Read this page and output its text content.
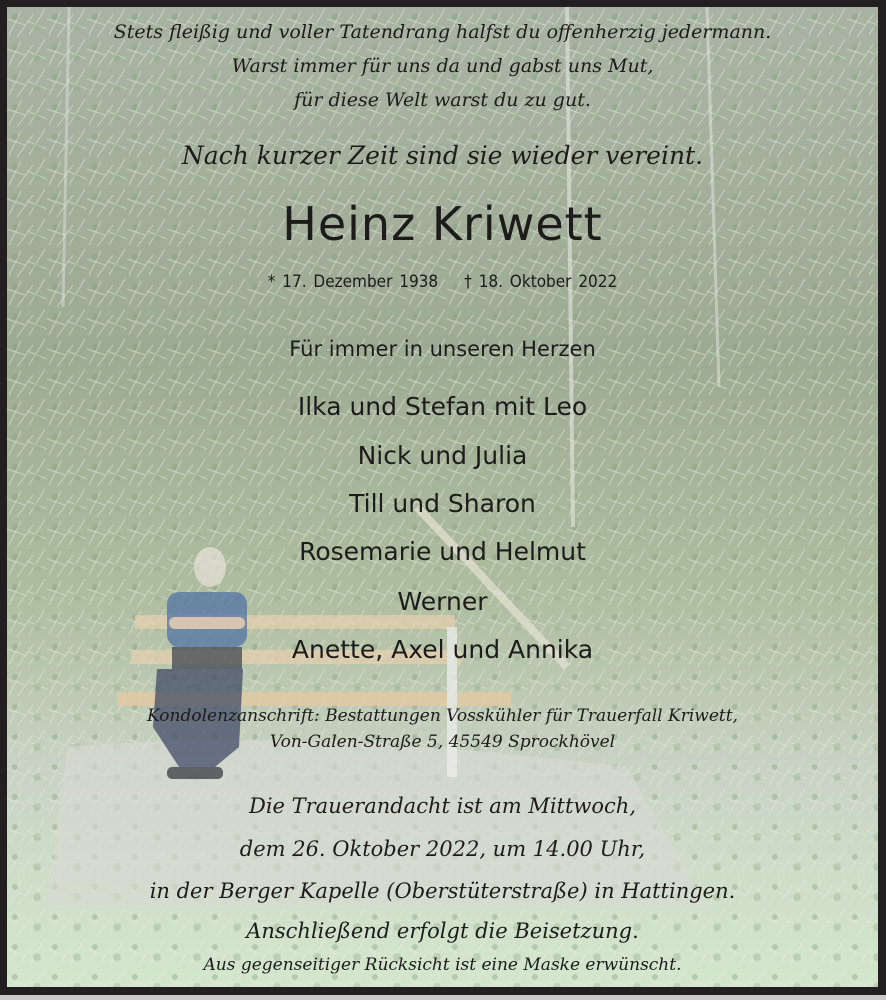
Stets fleißig und voller Tatendrang halfst du offenherzig jedermann.
Warst immer für uns da und gabst uns Mut,
für diese Welt warst du zu gut.
Nach kurzer Zeit sind sie wieder vereint.
Heinz Kriwett
* 17. Dezember 1938 † 18. Oktober 2022
Für immer in unseren Herzen
Ilka und Stefan mit Leo
Nick und Julia
Till und Sharon
Rosemarie und Helmut
Werner
Anette, Axel und Annika
Kondolenzanschrift: Bestattungen Vosskühler für Trauerfall Kriwett,
Von-Galen-Straße 5, 45549 Sprockhövel
Die Trauerandacht ist am Mittwoch,
dem 26. Oktober 2022, um 14.00 Uhr,
in der Berger Kapelle (Oberstüterstraße) in Hattingen.
Anschließend erfolgt die Beisetzung.
Aus gegenseitiger Rücksicht ist eine Maske erwünscht.
